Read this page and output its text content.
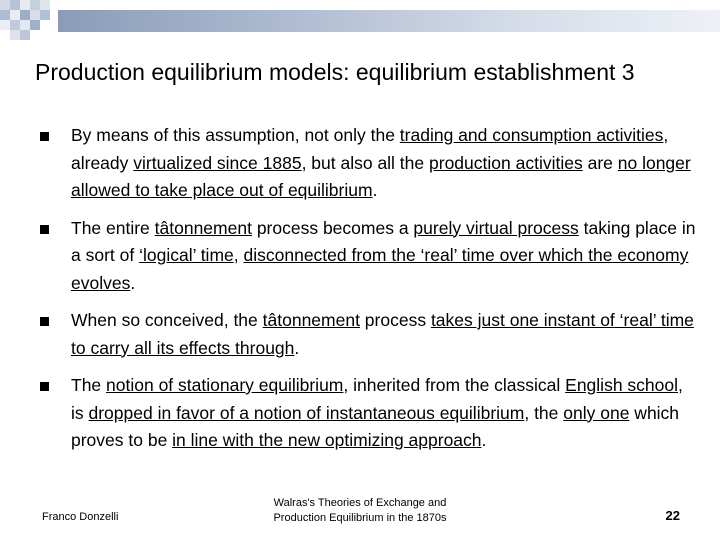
Production equilibrium models: equilibrium establishment 3
By means of this assumption, not only the trading and consumption activities, already virtualized since 1885, but also all the production activities are no longer allowed to take place out of equilibrium.
The entire tâtonnement process becomes a purely virtual process taking place in a sort of ‘logical’ time, disconnected from the ‘real’ time over which the economy evolves.
When so conceived, the tâtonnement process takes just one instant of ‘real’ time to carry all its effects through.
The notion of stationary equilibrium, inherited from the classical English school, is dropped in favor of a notion of instantaneous equilibrium, the only one which proves to be in line with the new optimizing approach.
Franco Donzelli
Walras's Theories of Exchange and
Production Equilibrium in the 1870s	22
